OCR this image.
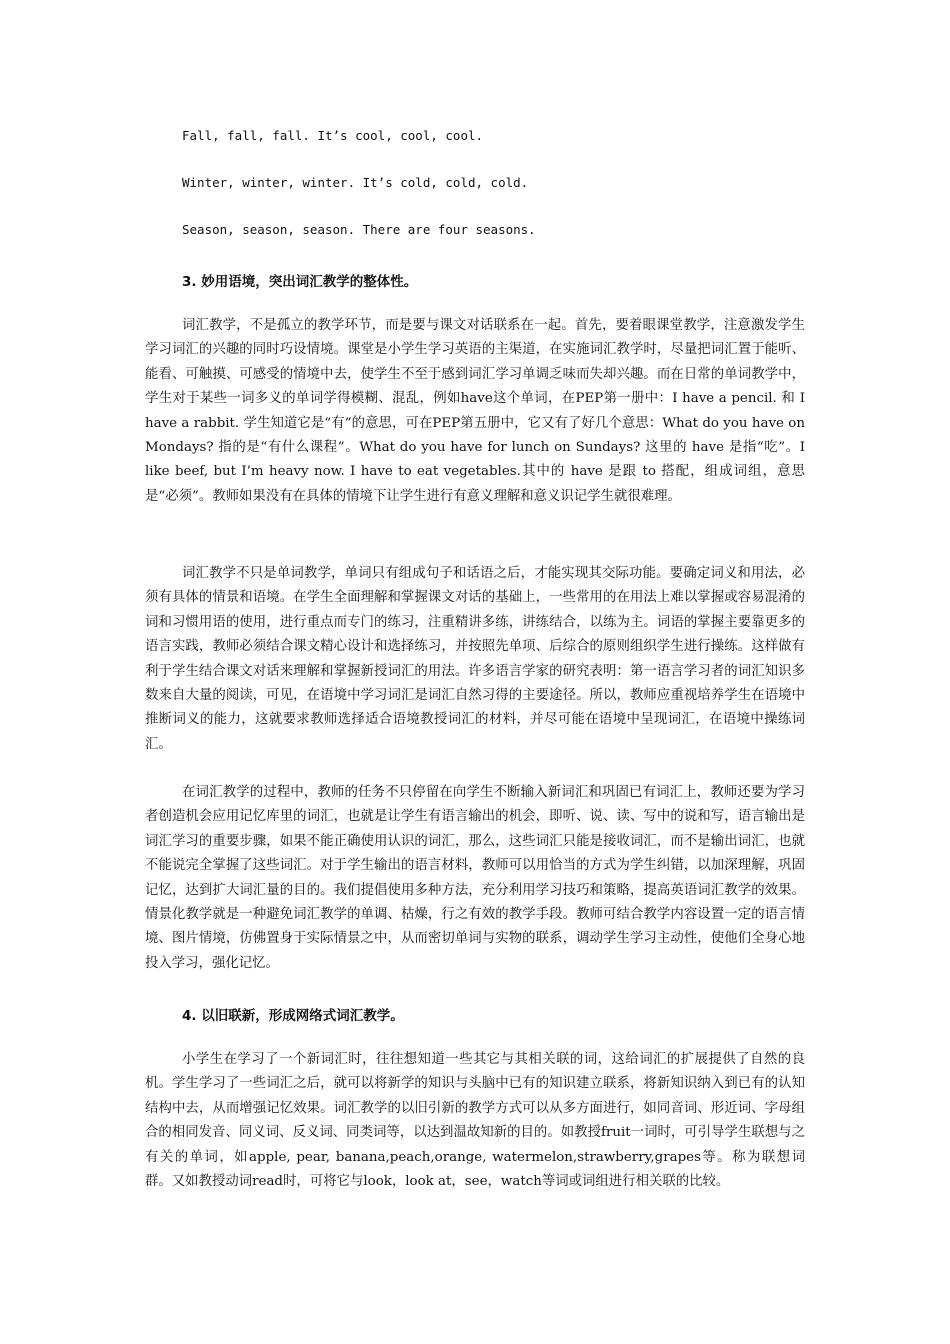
Fall, fall, fall. It’s cool, cool, cool.
Winter, winter, winter. It’s cold, cold, cold.
Season, season, season. There are four seasons.
3. 妙用语境，突出词汇教学的整体性。

词汇教学，不是孤立的教学环节，而是要与课文对话联系在一起。首先，要着眼课堂教学，注意激发学生学习词汇的兴趣的同时巧设情境。课堂是小学生学习英语的主渠道，在实施词汇教学时，尽量把词汇置于能听、能看、可触摸、可感受的情境中去，使学生不至于感到词汇学习单调乏味而失却兴趣。而在日常的单词教学中，学生对于某些一词多义的单词学得模糊、混乱，例如have这个单词，在PEP第一册中：I have a pencil. 和 I have a rabbit. 学生知道它是“有”的意思，可在PEP第五册中，它又有了好几个意思：What do you have on Mondays? 指的是“有什么课程”。What do you have for lunch on Sundays? 这里的 have 是指“吃”。I like beef, but I’m heavy now. I have to eat vegetables.其中的 have 是跟 to 搭配，组成词组，意思是“必须”。教师如果没有在具体的情境下让学生进行有意义理解和意义识记学生就很难理。

词汇教学不只是单词教学，单词只有组成句子和话语之后，才能实现其交际功能。要确定词义和用法，必须有具体的情景和语境。在学生全面理解和掌握课文对话的基础上，一些常用的在用法上难以掌握或容易混淆的词和习惯用语的使用，进行重点而专门的练习，注重精讲多练，讲练结合，以练为主。词语的掌握主要靠更多的语言实践，教师必须结合课文精心设计和选择练习，并按照先单项、后综合的原则组织学生进行操练。这样做有利于学生结合课文对话来理解和掌握新授词汇的用法。许多语言学家的研究表明：第一语言学习者的词汇知识多数来自大量的阅读，可见，在语境中学习词汇是词汇自然习得的主要途径。所以，教师应重视培养学生在语境中推断词义的能力，这就要求教师选择适合语境教授词汇的材料，并尽可能在语境中呈现词汇，在语境中操练词汇。

在词汇教学的过程中，教师的任务不只停留在向学生不断输入新词汇和巩固已有词汇上，教师还要为学习者创造机会应用记忆库里的词汇，也就是让学生有语言输出的机会，即听、说、读、写中的说和写，语言输出是词汇学习的重要步骤，如果不能正确使用认识的词汇，那么，这些词汇只能是接收词汇，而不是输出词汇，也就不能说完全掌握了这些词汇。对于学生输出的语言材料，教师可以用恰当的方式为学生纠错，以加深理解，巩固记忆，达到扩大词汇量的目的。我们提倡使用多种方法，充分利用学习技巧和策略，提高英语词汇教学的效果。情景化教学就是一种避免词汇教学的单调、枯燥，行之有效的教学手段。教师可结合教学内容设置一定的语言情境、图片情境，仿佛置身于实际情景之中，从而密切单词与实物的联系，调动学生学习主动性，使他们全身心地投入学习，强化记忆。

4. 以旧联新，形成网络式词汇教学。

小学生在学习了一个新词汇时，往往想知道一些其它与其相关联的词，这给词汇的扩展提供了自然的良机。学生学习了一些词汇之后，就可以将新学的知识与头脑中已有的知识建立联系，将新知识纳入到已有的认知结构中去，从而增强记忆效果。词汇教学的以旧引新的教学方式可以从多方面进行，如同音词、形近词、字母组合的相同发音、同义词、反义词、同类词等，以达到温故知新的目的。如教授fruit一词时，可引导学生联想与之有关的单词，如apple, pear, banana,peach,orange, watermelon,strawberry,grapes等。称为联想词群。又如教授动词read时，可将它与look，look at，see，watch等词或词组进行相关联的比较。
